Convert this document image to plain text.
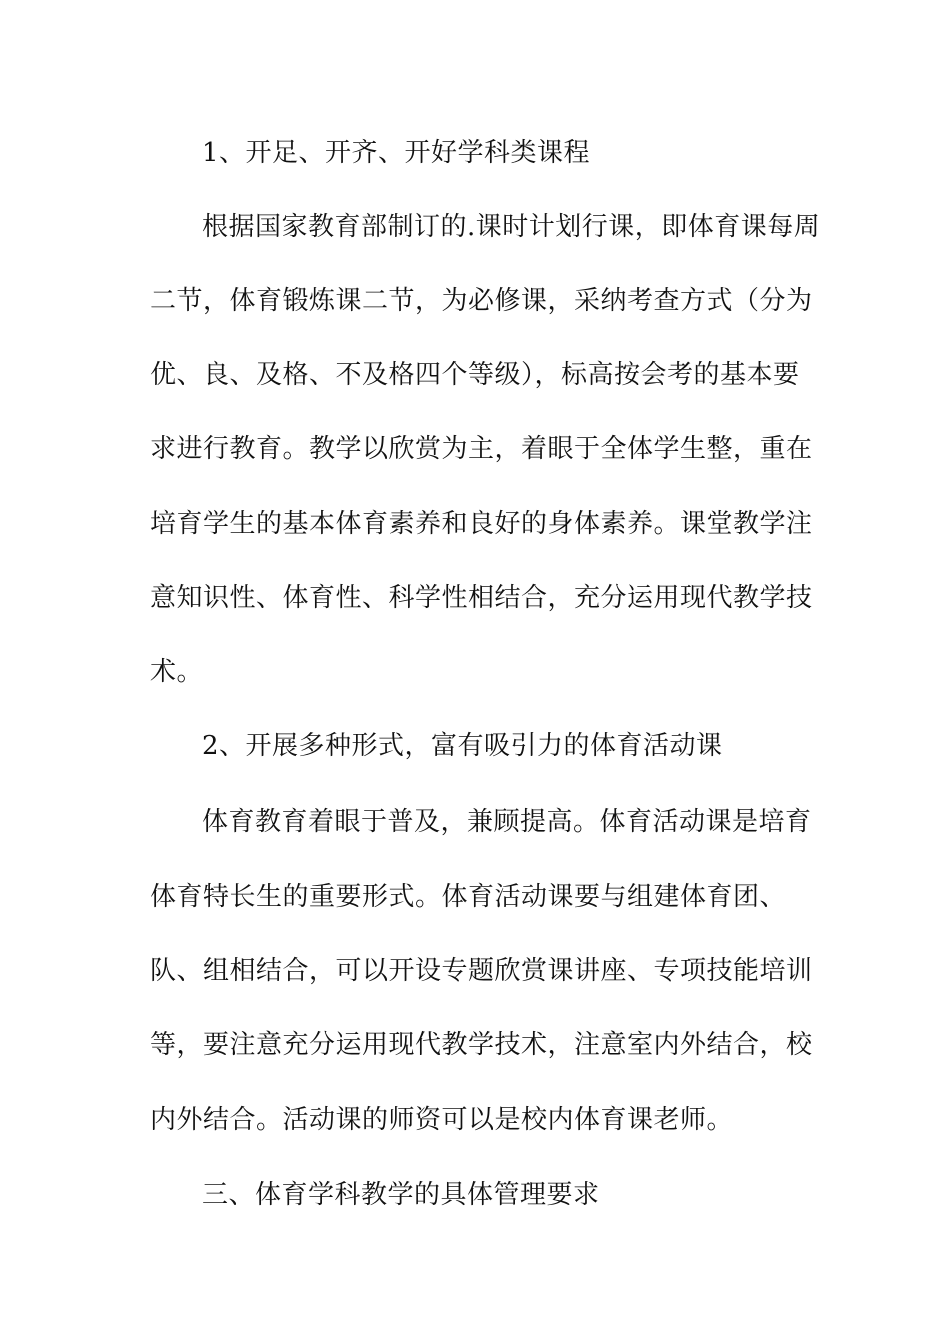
1、开足、开齐、开好学科类课程
根据国家教育部制订的.课时计划行课，即体育课每周
二节，体育锻炼课二节，为必修课，采纳考查方式（分为
优、良、及格、不及格四个等级），标高按会考的基本要
求进行教育。教学以欣赏为主，着眼于全体学生整，重在
培育学生的基本体育素养和良好的身体素养。课堂教学注
意知识性、体育性、科学性相结合，充分运用现代教学技
术。
2、开展多种形式，富有吸引力的体育活动课
体育教育着眼于普及，兼顾提高。体育活动课是培育
体育特长生的重要形式。体育活动课要与组建体育团、
队、组相结合，可以开设专题欣赏课讲座、专项技能培训
等，要注意充分运用现代教学技术，注意室内外结合，校
内外结合。活动课的师资可以是校内体育课老师。
三、体育学科教学的具体管理要求
